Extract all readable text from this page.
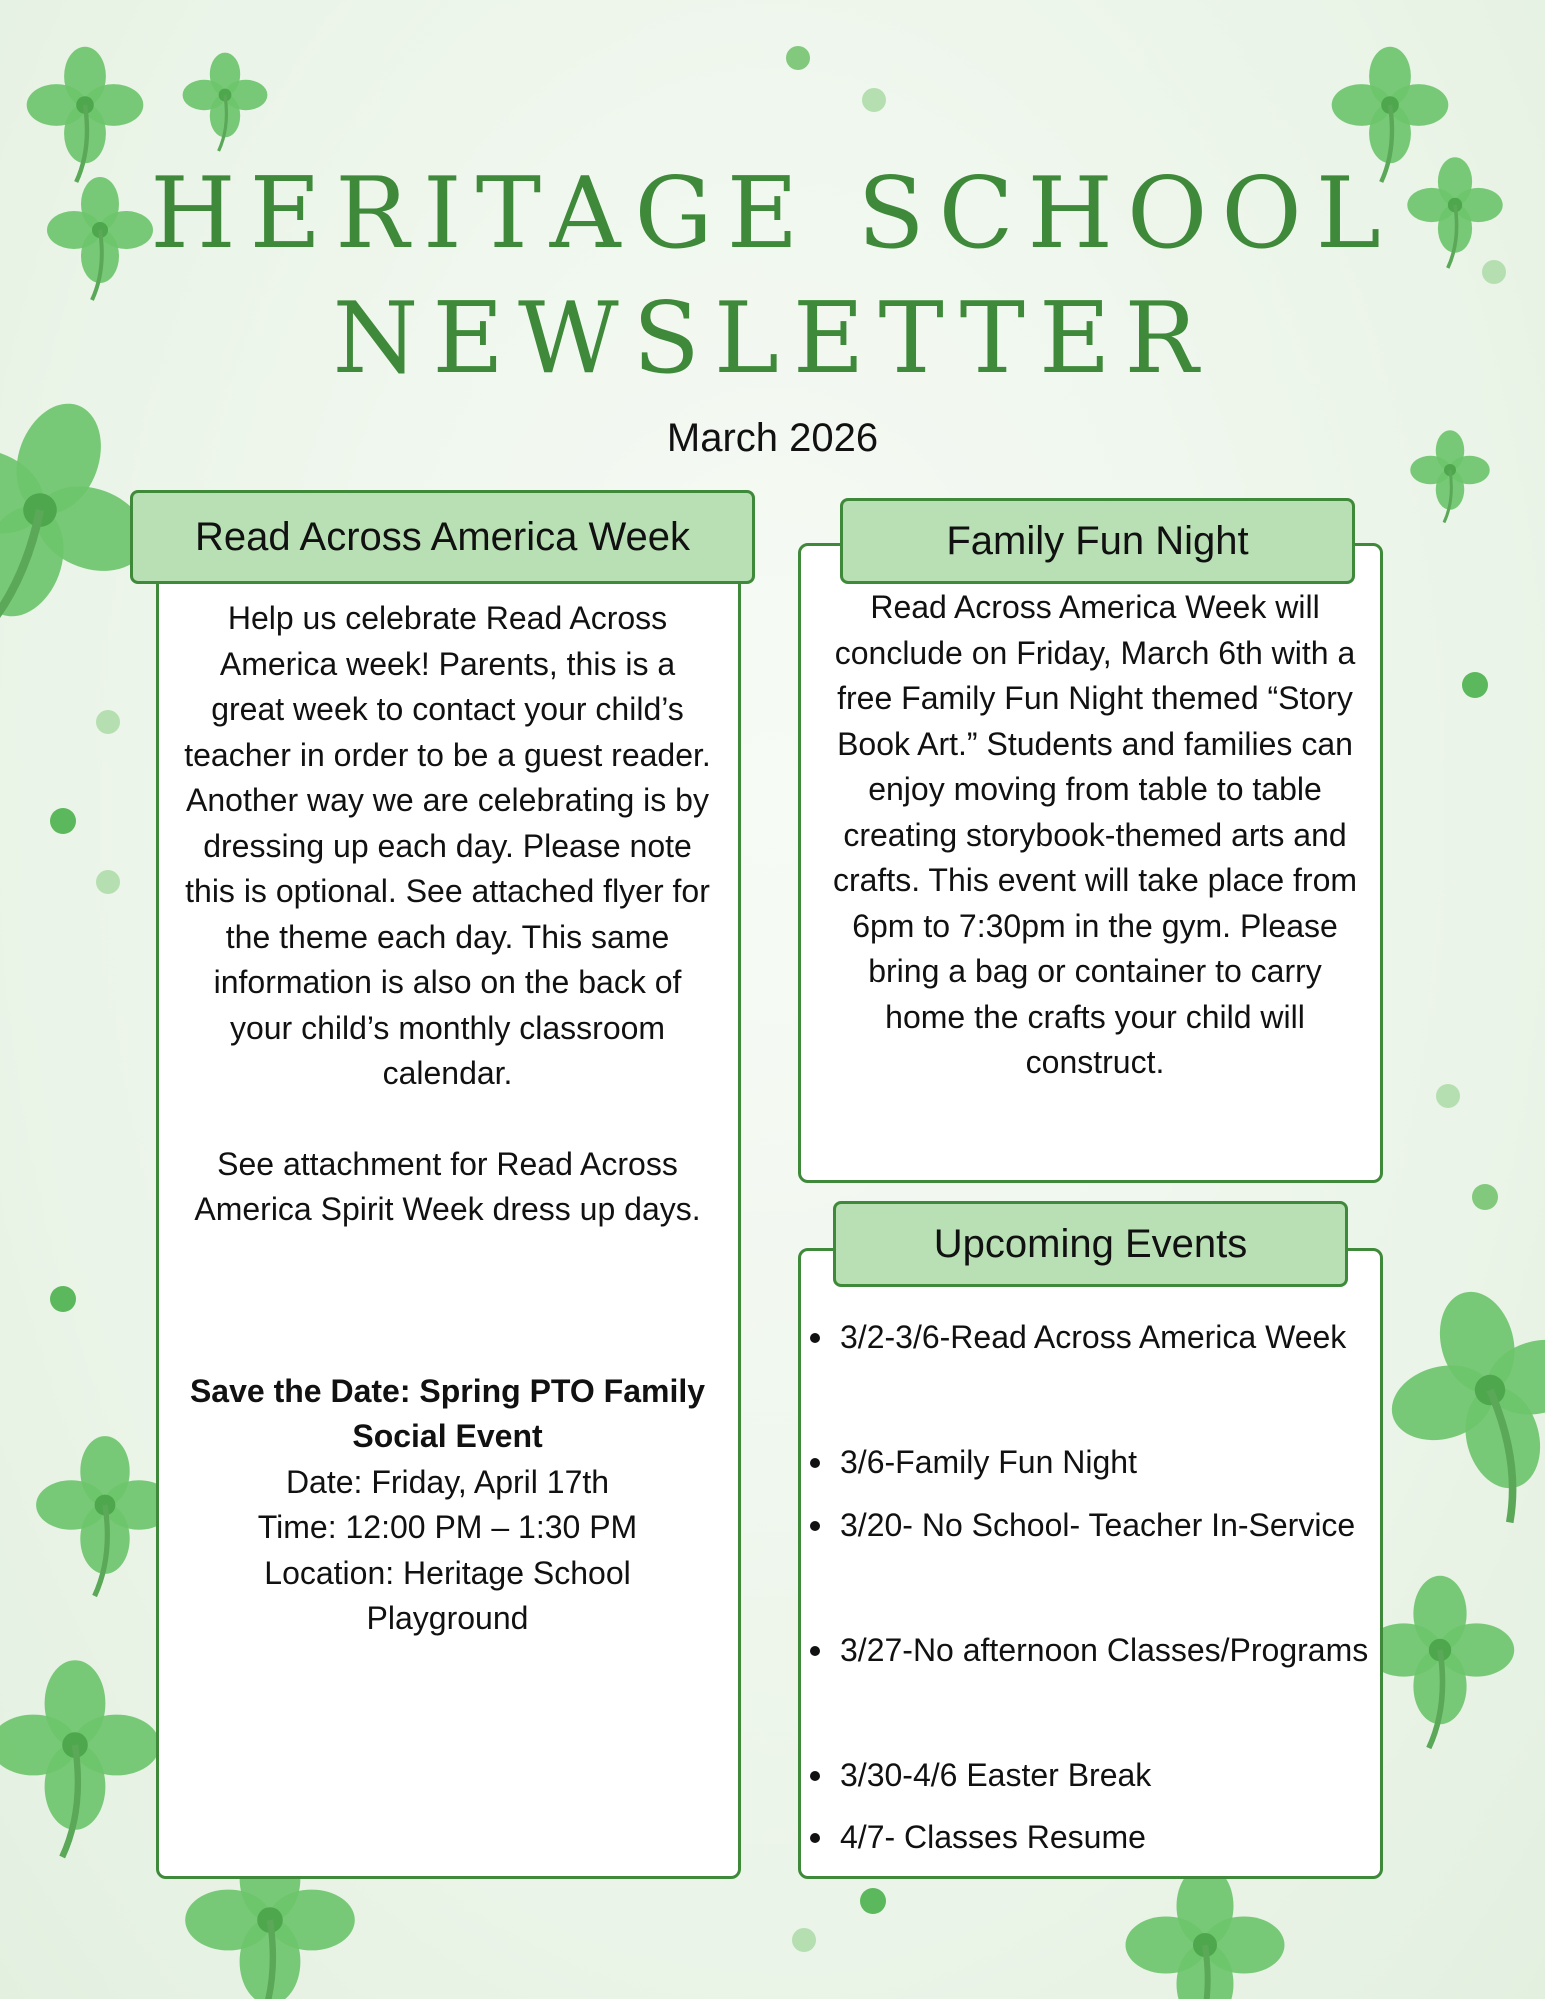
HERITAGE SCHOOL
NEWSLETTER

March 2026

Read Across America Week

Help us celebrate Read Across America week! Parents, this is a great week to contact your child’s teacher in order to be a guest reader. Another way we are celebrating is by dressing up each day. Please note this is optional. See attached flyer for the theme each day. This same information is also on the back of your child’s monthly classroom calendar.

See attachment for Read Across America Spirit Week dress up days.

Save the Date: Spring PTO Family Social Event

Date: Friday, April 17th

Time: 12:00 PM – 1:30 PM

Location: Heritage School Playground

Family Fun Night

Read Across America Week will conclude on Friday, March 6th with a free Family Fun Night themed “Story Book Art.” Students and families can enjoy moving from table to table creating storybook-themed arts and crafts. This event will take place from 6pm to 7:30pm in the gym. Please bring a bag or container to carry home the crafts your child will construct.

Upcoming Events
3/2-3/6-Read Across America Week
3/6-Family Fun Night
3/20- No School- Teacher In-Service
3/27-No afternoon Classes/Programs
3/30-4/6 Easter Break
4/7- Classes Resume
